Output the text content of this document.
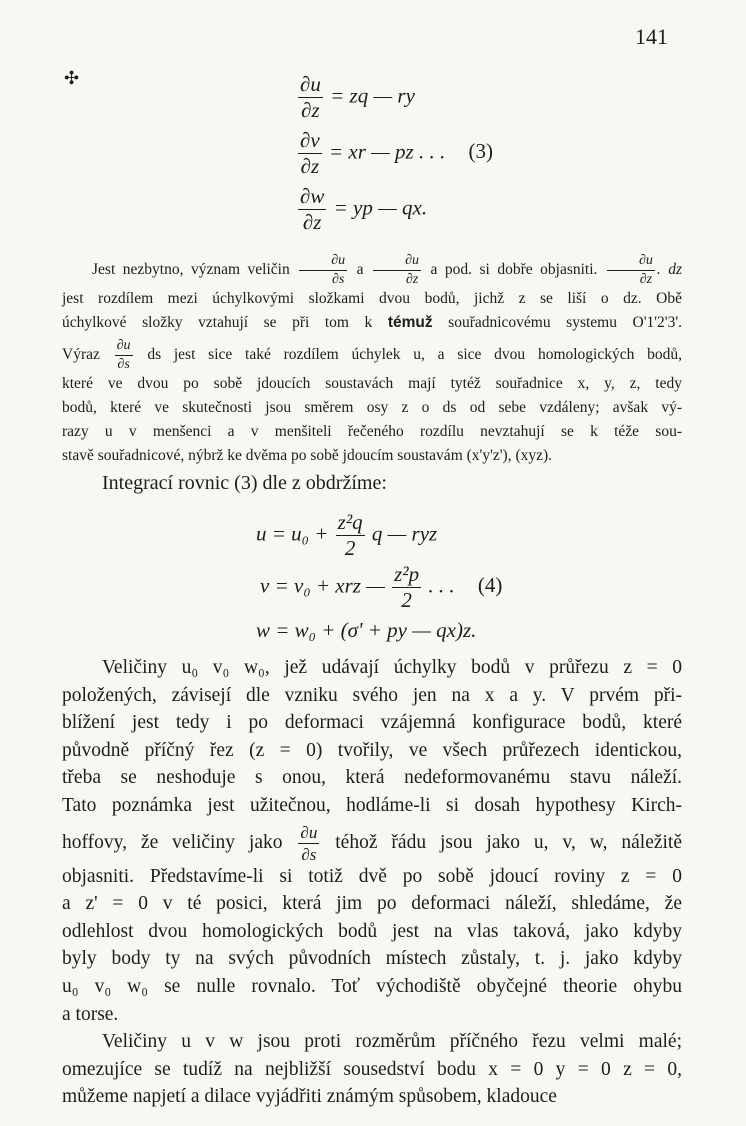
141
✣	$\frac{\partial u}{\partial z}$ = zq — ry
$\frac{\partial v}{\partial z}$ = xr — pz . . . (3)
$\frac{\partial w}{\partial z}$ = yp — qx.
Jest nezbytno, význam veličin $\frac{\partial u}{\partial s}$ a $\frac{\partial u}{\partial z}$ a pod. si dobře objasniti. $\frac{\partial u}{\partial z}$ . dz
jest rozdílem mezi úchylkovými složkami dvou bodů, jichž z se liší o dz. Obě
úchylkové složky vztahují se při tom k témuž souřadnicovému systemu O'1'2'3'.
Výraz $\frac{\partial u}{\partial s}$ ds jest sice také rozdílem úchylek u, a sice dvou homologických bodů,
které ve dvou po sobě jdoucích soustavách mají tytéž souřadnice x, y, z, tedy
bodů, které ve skutečnosti jsou směrem osy z o ds od sebe vzdáleny; avšak vý-
razy u v menšenci a v menšiteli řečeného rozdílu nevztahují se k téže sou-
stavě souřadnicové, nýbrž ke dvěma po sobě jdoucím soustavám (x'y'z'), (xyz).
Integrací rovnic (3) dle z obdržíme:
$u = u_0 + \frac{\text{z²q}}{2}$ q — ryz
v = v₀ + xrz — $\frac{\text{z²p}}{2}$ . . . (4)
w = w₀ + (σ' + py — qx)z.
Veličiny u₀ v₀ w₀, jež udávají úchylky bodů v průřezu z = 0
položených, závisejí dle vzniku svého jen na x a y. V prvém při-
blížení jest tedy i po deformaci vzájemná konfigurace bodů, které
původně příčný řez (z = 0) tvořily, ve všech průřezech identickou,
třeba se neshoduje s onou, která nedeformovanému stavu náleží.
Tato poznámka jest užitečnou, hodláme-li si dosah hypothesy Kirch-
hoffovy, že veličiny jako $\frac{\partial u}{\partial s}$ téhož řádu jsou jako u, v, w, náležitě
objasniti. Představíme-li si totiž dvě po sobě jdoucí roviny z = 0
a z' = 0 v té posici, která jim po deformaci náleží, shledáme, že
odlehlost dvou homologických bodů jest na vlas taková, jako kdyby
byly body ty na svých původních místech zůstaly, t. j. jako kdyby
u₀ v₀ w₀ se nulle rovnalo. Toť východiště obyčejné theorie ohybu
a torse.
Veličiny u v w jsou proti rozměrům příčného řezu velmi malé;
omezujíce se tudíž na nejbližší sousedství bodu x = 0 y = 0 z = 0,
můžeme napjetí a dilace vyjádřiti známým spůsobem, kladouce
